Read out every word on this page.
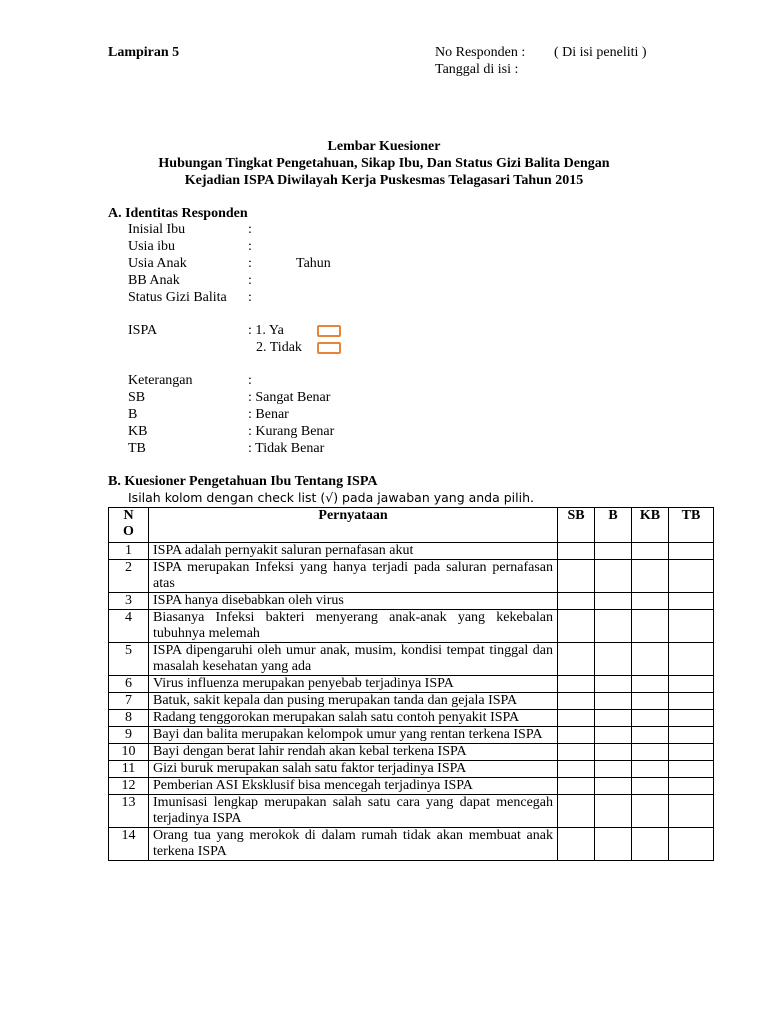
Lampiran 5	No Responden : ( Di isi peneliti )
Tanggal di isi :
Lembar Kuesioner
Hubungan Tingkat Pengetahuan, Sikap Ibu, Dan Status Gizi Balita Dengan
Kejadian ISPA Diwilayah Kerja Puskesmas Telagasari Tahun 2015
A. Identitas Responden
Inisial Ibu	:
Usia ibu	:
Usia Anak	:	Tahun
BB Anak	:
Status Gizi Balita :
ISPA	: 1. Ya
2. Tidak
Keterangan	:
SB	: Sangat Benar
B	: Benar
KB	: Kurang Benar
TB	: Tidak Benar
B. Kuesioner Pengetahuan Ibu Tentang ISPA
Isilah kolom dengan check list (√) pada jawaban yang anda pilih.
N
O	Pernyataan	SB	B	KB	TB
1	ISPA adalah pernyakit saluran pernafasan akut				
2	ISPA merupakan Infeksi yang hanya terjadi pada saluran pernafasan atas				
3	ISPA hanya disebabkan oleh virus				
4	Biasanya Infeksi bakteri menyerang anak-anak yang kekebalan tubuhnya melemah				
5	ISPA dipengaruhi oleh umur anak, musim, kondisi tempat tinggal dan masalah kesehatan yang ada				
6	Virus influenza merupakan penyebab terjadinya ISPA				
7	Batuk, sakit kepala dan pusing merupakan tanda dan gejala ISPA				
8	Radang tenggorokan merupakan salah satu contoh penyakit ISPA				
9	Bayi dan balita merupakan kelompok umur yang rentan terkena ISPA				
10	Bayi dengan berat lahir rendah akan kebal terkena ISPA				
11	Gizi buruk merupakan salah satu faktor terjadinya ISPA				
12	Pemberian ASI Eksklusif bisa mencegah terjadinya ISPA				
13	Imunisasi lengkap merupakan salah satu cara yang dapat mencegah terjadinya ISPA				
14	Orang tua yang merokok di dalam rumah tidak akan membuat anak terkena ISPA				
